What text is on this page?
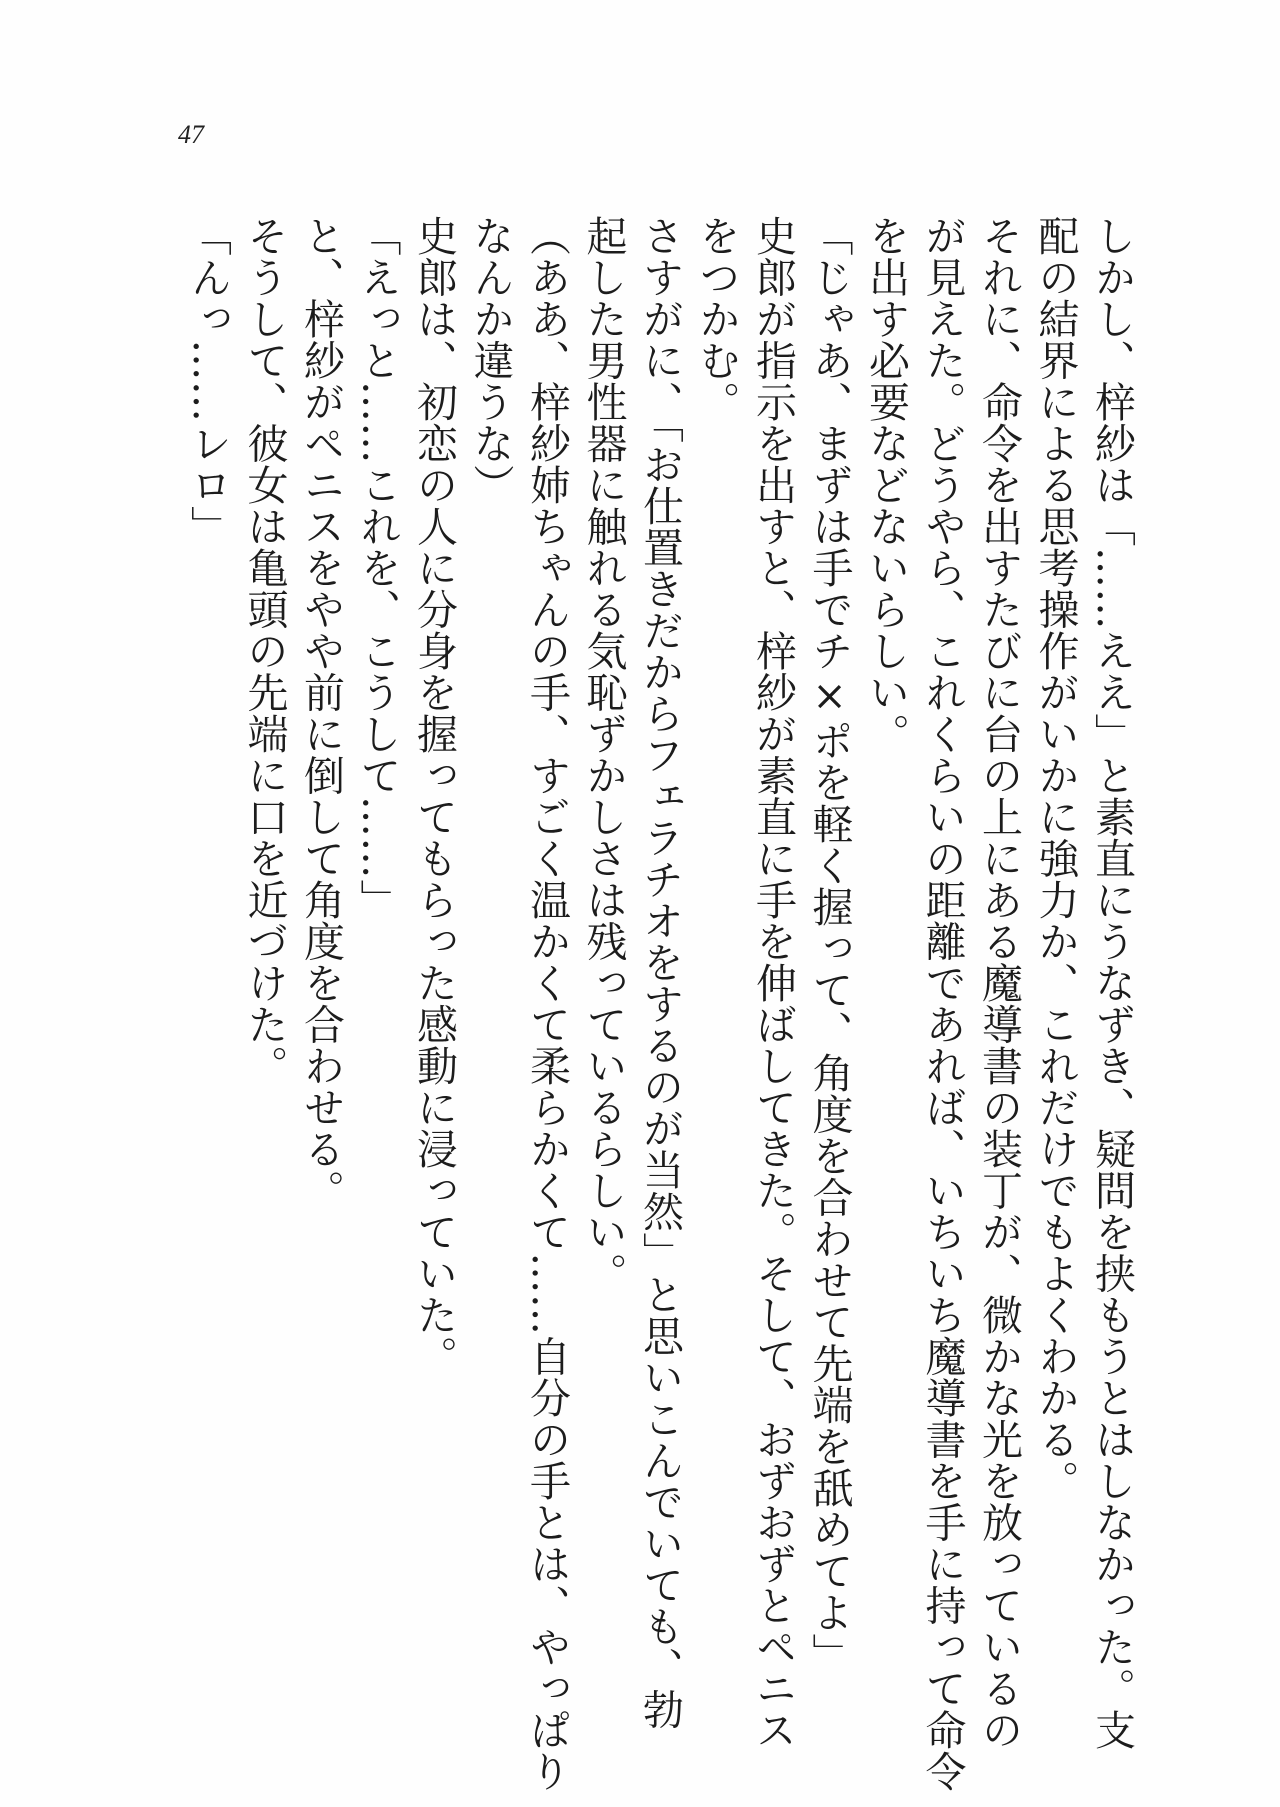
47
しかし、梓紗は「……ええ」と素直にうなずき、疑問を挟もうとはしなかった。支
配の結界による思考操作がいかに強力か、これだけでもよくわかる。
それに、命令を出すたびに台の上にある魔導書の装丁が、微かな光を放っているの
が見えた。どうやら、これくらいの距離であれば、いちいち魔導書を手に持って命令
を出す必要などないらしい。
「じゃあ、まずは手でチ×ポを軽く握って、角度を合わせて先端を舐めてよ」
史郎が指示を出すと、梓紗が素直に手を伸ばしてきた。そして、おずおずとペニス
をつかむ。
さすがに、「お仕置きだからフェラチオをするのが当然」と思いこんでいても、勃
起した男性器に触れる気恥ずかしさは残っているらしい。
（ああ、梓紗姉ちゃんの手、すごく温かくて柔らかくて……自分の手とは、やっぱり
なんか違うな）
史郎は、初恋の人に分身を握ってもらった感動に浸っていた。
「えっと……これを、こうして……」
と、梓紗がペニスをやや前に倒して角度を合わせる。
そうして、彼女は亀頭の先端に口を近づけた。
「んっ……レロ」
